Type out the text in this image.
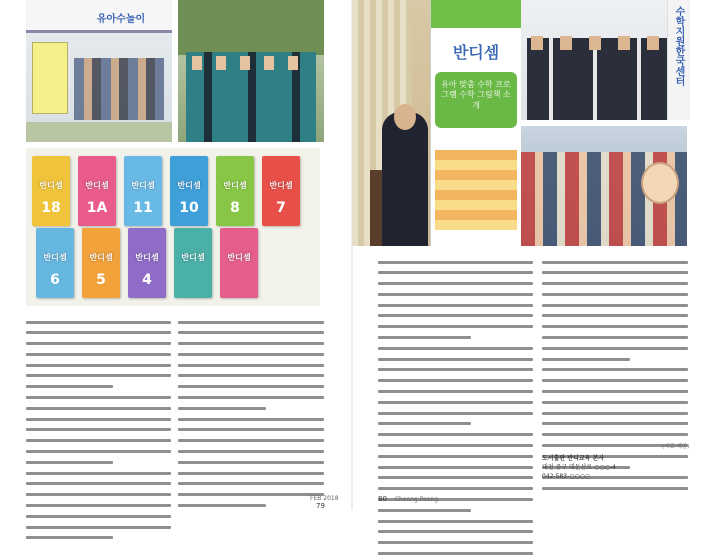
유아수놀이
반디셈
18
반디셈
1A
반디셈
11
반디셈
10
반디셈
8
반디셈
7
반디셈
6
반디셈
5
반디셈
4
반디셈	반디셈
FEB 2018 79
반디셈
유아 맞춤 수학 프로그램 수학 그림책 소개
수학지원한국센터
(자료 제공)
도서출판 반디교육 본사
대전 중구 대둔산로 ○○○-4
042-583-○○○○
80 Cheong Poong
